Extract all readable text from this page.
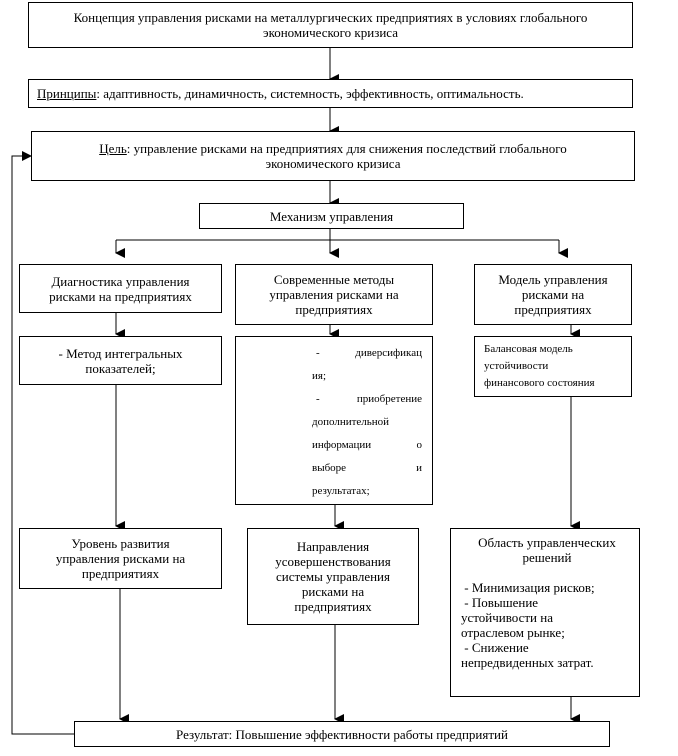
Концепция управления рисками на металлургических предприятиях в условиях глобального
экономического кризиса
Принципы: адаптивность, динамичность, системность, эффективность, оптимальность.
Цель: управление рисками на предприятиях для снижения последствий глобального
экономического кризиса
Механизм управления
Диагностика управления
рисками на предприятиях
- Метод интегральных
показателей;
Уровень развития
управления рисками на
предприятиях
Современные методы
управления рисками на
предприятиях
-	диверсификац
ия;
-	приобретение
дополнительной
информации	о
выборе	и
результатах;
Направления
усовершенствования
системы управления
рисками на
предприятиях
Модель управления
рисками на
предприятиях
Балансовая модель
устойчивости
финансового состояния
Область управленческих
решений
- Минимизация рисков;
- Повышение
устойчивости на
отраслевом рынке;
- Снижение
непредвиденных затрат.
Результат: Повышение эффективности работы предприятий
